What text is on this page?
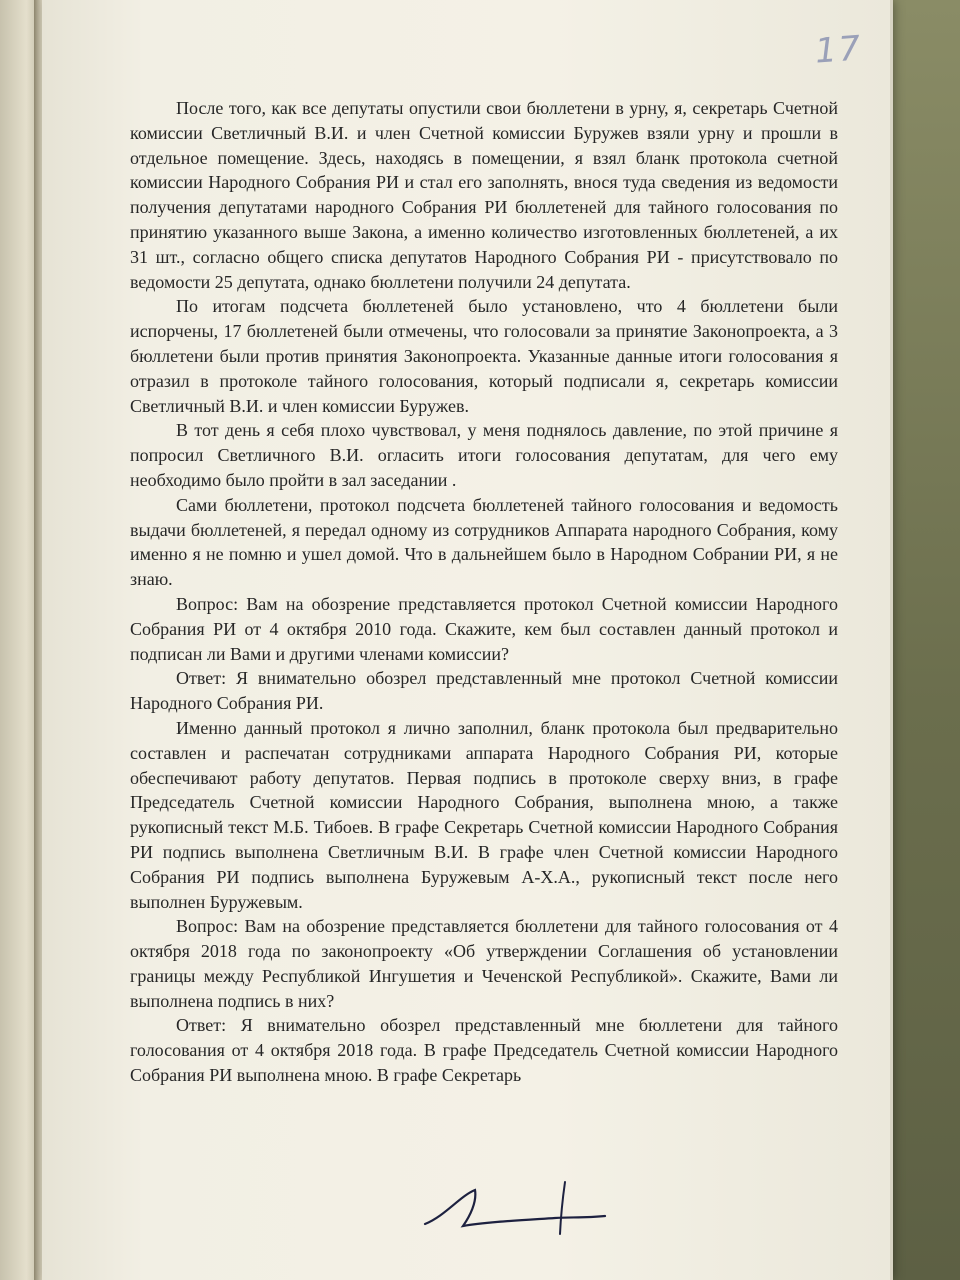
17

После того, как все депутаты опустили свои бюллетени в урну, я, секретарь Счетной комиссии Светличный В.И. и член Счетной комиссии Буружев взяли урну и прошли в отдельное помещение. Здесь, находясь в помещении, я взял бланк протокола счетной комиссии Народного Собрания РИ и стал его заполнять, внося туда сведения из ведомости получения депутатами народного Собрания РИ бюллетеней для тайного голосования по принятию указанного выше Закона, а именно количество изготовленных бюллетеней, а их 31 шт., согласно общего списка депутатов Народного Собрания РИ - присутствовало по ведомости 25 депутата, однако бюллетени получили 24 депутата.

По итогам подсчета бюллетеней было установлено, что 4 бюллетени были испорчены, 17 бюллетеней были отмечены, что голосовали за принятие Законопроекта, а 3 бюллетени были против принятия Законопроекта. Указанные данные итоги голосования я отразил в протоколе тайного голосования, который подписали я, секретарь комиссии Светличный В.И. и член комиссии Буружев.

В тот день я себя плохо чувствовал, у меня поднялось давление, по этой причине я попросил Светличного В.И. огласить итоги голосования депутатам, для чего ему необходимо было пройти в зал заседании .

Сами бюллетени, протокол подсчета бюллетеней тайного голосования и ведомость выдачи бюллетеней, я передал одному из сотрудников Аппарата народного Собрания, кому именно я не помню и ушел домой. Что в дальнейшем было в Народном Собрании РИ, я не знаю.

Вопрос: Вам на обозрение представляется протокол Счетной комиссии Народного Собрания РИ от 4 октября 2010 года. Скажите, кем был составлен данный протокол и подписан ли Вами и другими членами комиссии?

Ответ: Я внимательно обозрел представленный мне протокол Счетной комиссии Народного Собрания РИ.

Именно данный протокол я лично заполнил, бланк протокола был предварительно составлен и распечатан сотрудниками аппарата Народного Собрания РИ, которые обеспечивают работу депутатов. Первая подпись в протоколе сверху вниз, в графе Председатель Счетной комиссии Народного Собрания, выполнена мною, а также рукописный текст М.Б. Тибоев. В графе Секретарь Счетной комиссии Народного Собрания РИ подпись выполнена Светличным В.И. В графе член Счетной комиссии Народного Собрания РИ подпись выполнена Буружевым А-Х.А., рукописный текст после него выполнен Буружевым.

Вопрос: Вам на обозрение представляется бюллетени для тайного голосования от 4 октября 2018 года по законопроекту «Об утверждении Соглашения об установлении границы между Республикой Ингушетия и Чеченской Республикой». Скажите, Вами ли выполнена подпись в них?

Ответ: Я внимательно обозрел представленный мне бюллетени для тайного голосования от 4 октября 2018 года. В графе Председатель Счетной комиссии Народного Собрания РИ выполнена мною. В графе Секретарь
